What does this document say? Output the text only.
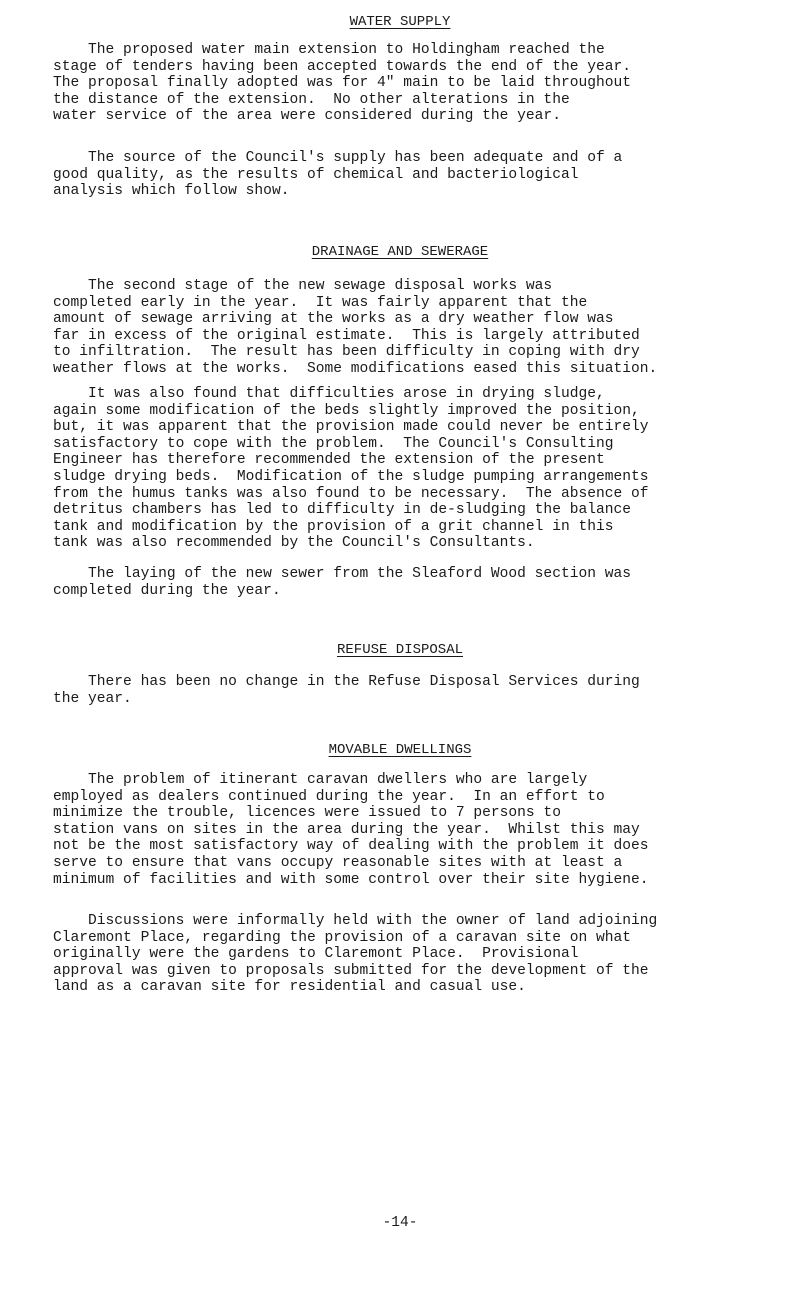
WATER SUPPLY

The proposed water main extension to Holdingham reached the
stage of tenders having been accepted towards the end of the year.
The proposal finally adopted was for 4" main to be laid throughout
the distance of the extension.  No other alterations in the
water service of the area were considered during the year.

The source of the Council's supply has been adequate and of a
good quality, as the results of chemical and bacteriological
analysis which follow show.

DRAINAGE AND SEWERAGE

The second stage of the new sewage disposal works was
completed early in the year.  It was fairly apparent that the
amount of sewage arriving at the works as a dry weather flow was
far in excess of the original estimate.  This is largely attributed
to infiltration.  The result has been difficulty in coping with dry
weather flows at the works.  Some modifications eased this situation.

It was also found that difficulties arose in drying sludge,
again some modification of the beds slightly improved the position,
but, it was apparent that the provision made could never be entirely
satisfactory to cope with the problem.  The Council's Consulting
Engineer has therefore recommended the extension of the present
sludge drying beds.  Modification of the sludge pumping arrangements
from the humus tanks was also found to be necessary.  The absence of
detritus chambers has led to difficulty in de-sludging the balance
tank and modification by the provision of a grit channel in this
tank was also recommended by the Council's Consultants.

The laying of the new sewer from the Sleaford Wood section was
completed during the year.

REFUSE DISPOSAL

There has been no change in the Refuse Disposal Services during
the year.

MOVABLE DWELLINGS

The problem of itinerant caravan dwellers who are largely
employed as dealers continued during the year.  In an effort to
minimize the trouble, licences were issued to 7 persons to
station vans on sites in the area during the year.  Whilst this may
not be the most satisfactory way of dealing with the problem it does
serve to ensure that vans occupy reasonable sites with at least a
minimum of facilities and with some control over their site hygiene.

Discussions were informally held with the owner of land adjoining
Claremont Place, regarding the provision of a caravan site on what
originally were the gardens to Claremont Place.  Provisional
approval was given to proposals submitted for the development of the
land as a caravan site for residential and casual use.

-14-
